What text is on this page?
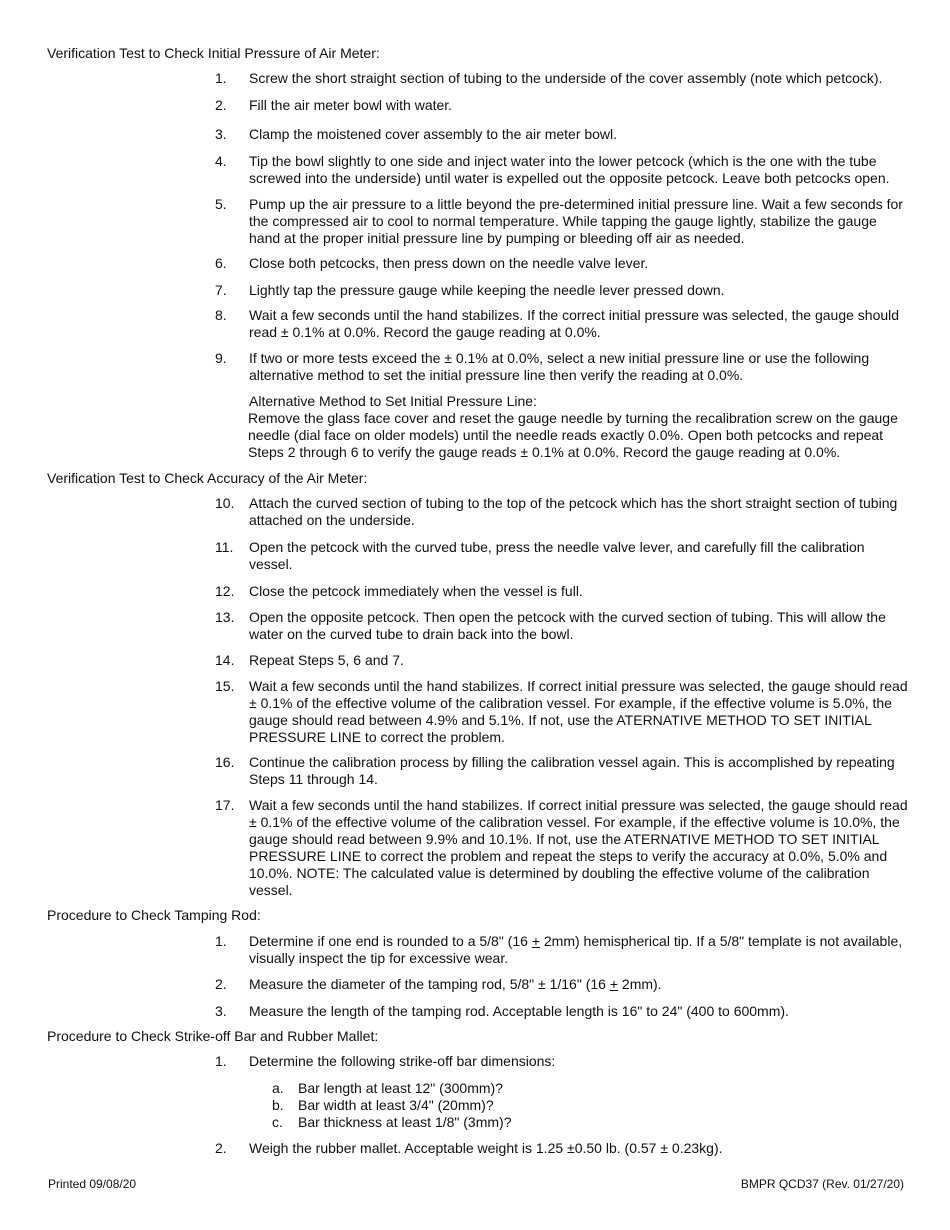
Verification Test to Check Initial Pressure of Air Meter:
1. Screw the short straight section of tubing to the underside of the cover assembly (note which petcock).
2. Fill the air meter bowl with water.
3. Clamp the moistened cover assembly to the air meter bowl.
4. Tip the bowl slightly to one side and inject water into the lower petcock (which is the one with the tube screwed into the underside) until water is expelled out the opposite petcock. Leave both petcocks open.
5. Pump up the air pressure to a little beyond the pre-determined initial pressure line. Wait a few seconds for the compressed air to cool to normal temperature. While tapping the gauge lightly, stabilize the gauge hand at the proper initial pressure line by pumping or bleeding off air as needed.
6. Close both petcocks, then press down on the needle valve lever.
7. Lightly tap the pressure gauge while keeping the needle lever pressed down.
8. Wait a few seconds until the hand stabilizes. If the correct initial pressure was selected, the gauge should read ± 0.1% at 0.0%. Record the gauge reading at 0.0%.
9. If two or more tests exceed the ± 0.1% at 0.0%, select a new initial pressure line or use the following alternative method to set the initial pressure line then verify the reading at 0.0%.
Alternative Method to Set Initial Pressure Line:
Remove the glass face cover and reset the gauge needle by turning the recalibration screw on the gauge needle (dial face on older models) until the needle reads exactly 0.0%. Open both petcocks and repeat Steps 2 through 6 to verify the gauge reads ± 0.1% at 0.0%. Record the gauge reading at 0.0%.
Verification Test to Check Accuracy of the Air Meter:
10. Attach the curved section of tubing to the top of the petcock which has the short straight section of tubing attached on the underside.
11. Open the petcock with the curved tube, press the needle valve lever, and carefully fill the calibration vessel.
12. Close the petcock immediately when the vessel is full.
13. Open the opposite petcock. Then open the petcock with the curved section of tubing. This will allow the water on the curved tube to drain back into the bowl.
14. Repeat Steps 5, 6 and 7.
15. Wait a few seconds until the hand stabilizes. If correct initial pressure was selected, the gauge should read ± 0.1% of the effective volume of the calibration vessel. For example, if the effective volume is 5.0%, the gauge should read between 4.9% and 5.1%. If not, use the ATERNATIVE METHOD TO SET INITIAL PRESSURE LINE to correct the problem.
16. Continue the calibration process by filling the calibration vessel again. This is accomplished by repeating Steps 11 through 14.
17. Wait a few seconds until the hand stabilizes. If correct initial pressure was selected, the gauge should read ± 0.1% of the effective volume of the calibration vessel. For example, if the effective volume is 10.0%, the gauge should read between 9.9% and 10.1%. If not, use the ATERNATIVE METHOD TO SET INITIAL PRESSURE LINE to correct the problem and repeat the steps to verify the accuracy at 0.0%, 5.0% and 10.0%. NOTE: The calculated value is determined by doubling the effective volume of the calibration vessel.
Procedure to Check Tamping Rod:
1. Determine if one end is rounded to a 5/8" (16 + 2mm) hemispherical tip. If a 5/8" template is not available, visually inspect the tip for excessive wear.
2. Measure the diameter of the tamping rod, 5/8" ± 1/16" (16 + 2mm).
3. Measure the length of the tamping rod. Acceptable length is 16" to 24" (400 to 600mm).
Procedure to Check Strike-off Bar and Rubber Mallet:
1. Determine the following strike-off bar dimensions:
a. Bar length at least 12" (300mm)?
b. Bar width at least 3/4" (20mm)?
c. Bar thickness at least 1/8" (3mm)?
2. Weigh the rubber mallet. Acceptable weight is 1.25 ±0.50 lb. (0.57 ± 0.23kg).
Printed 09/08/20	BMPR QCD37 (Rev. 01/27/20)
